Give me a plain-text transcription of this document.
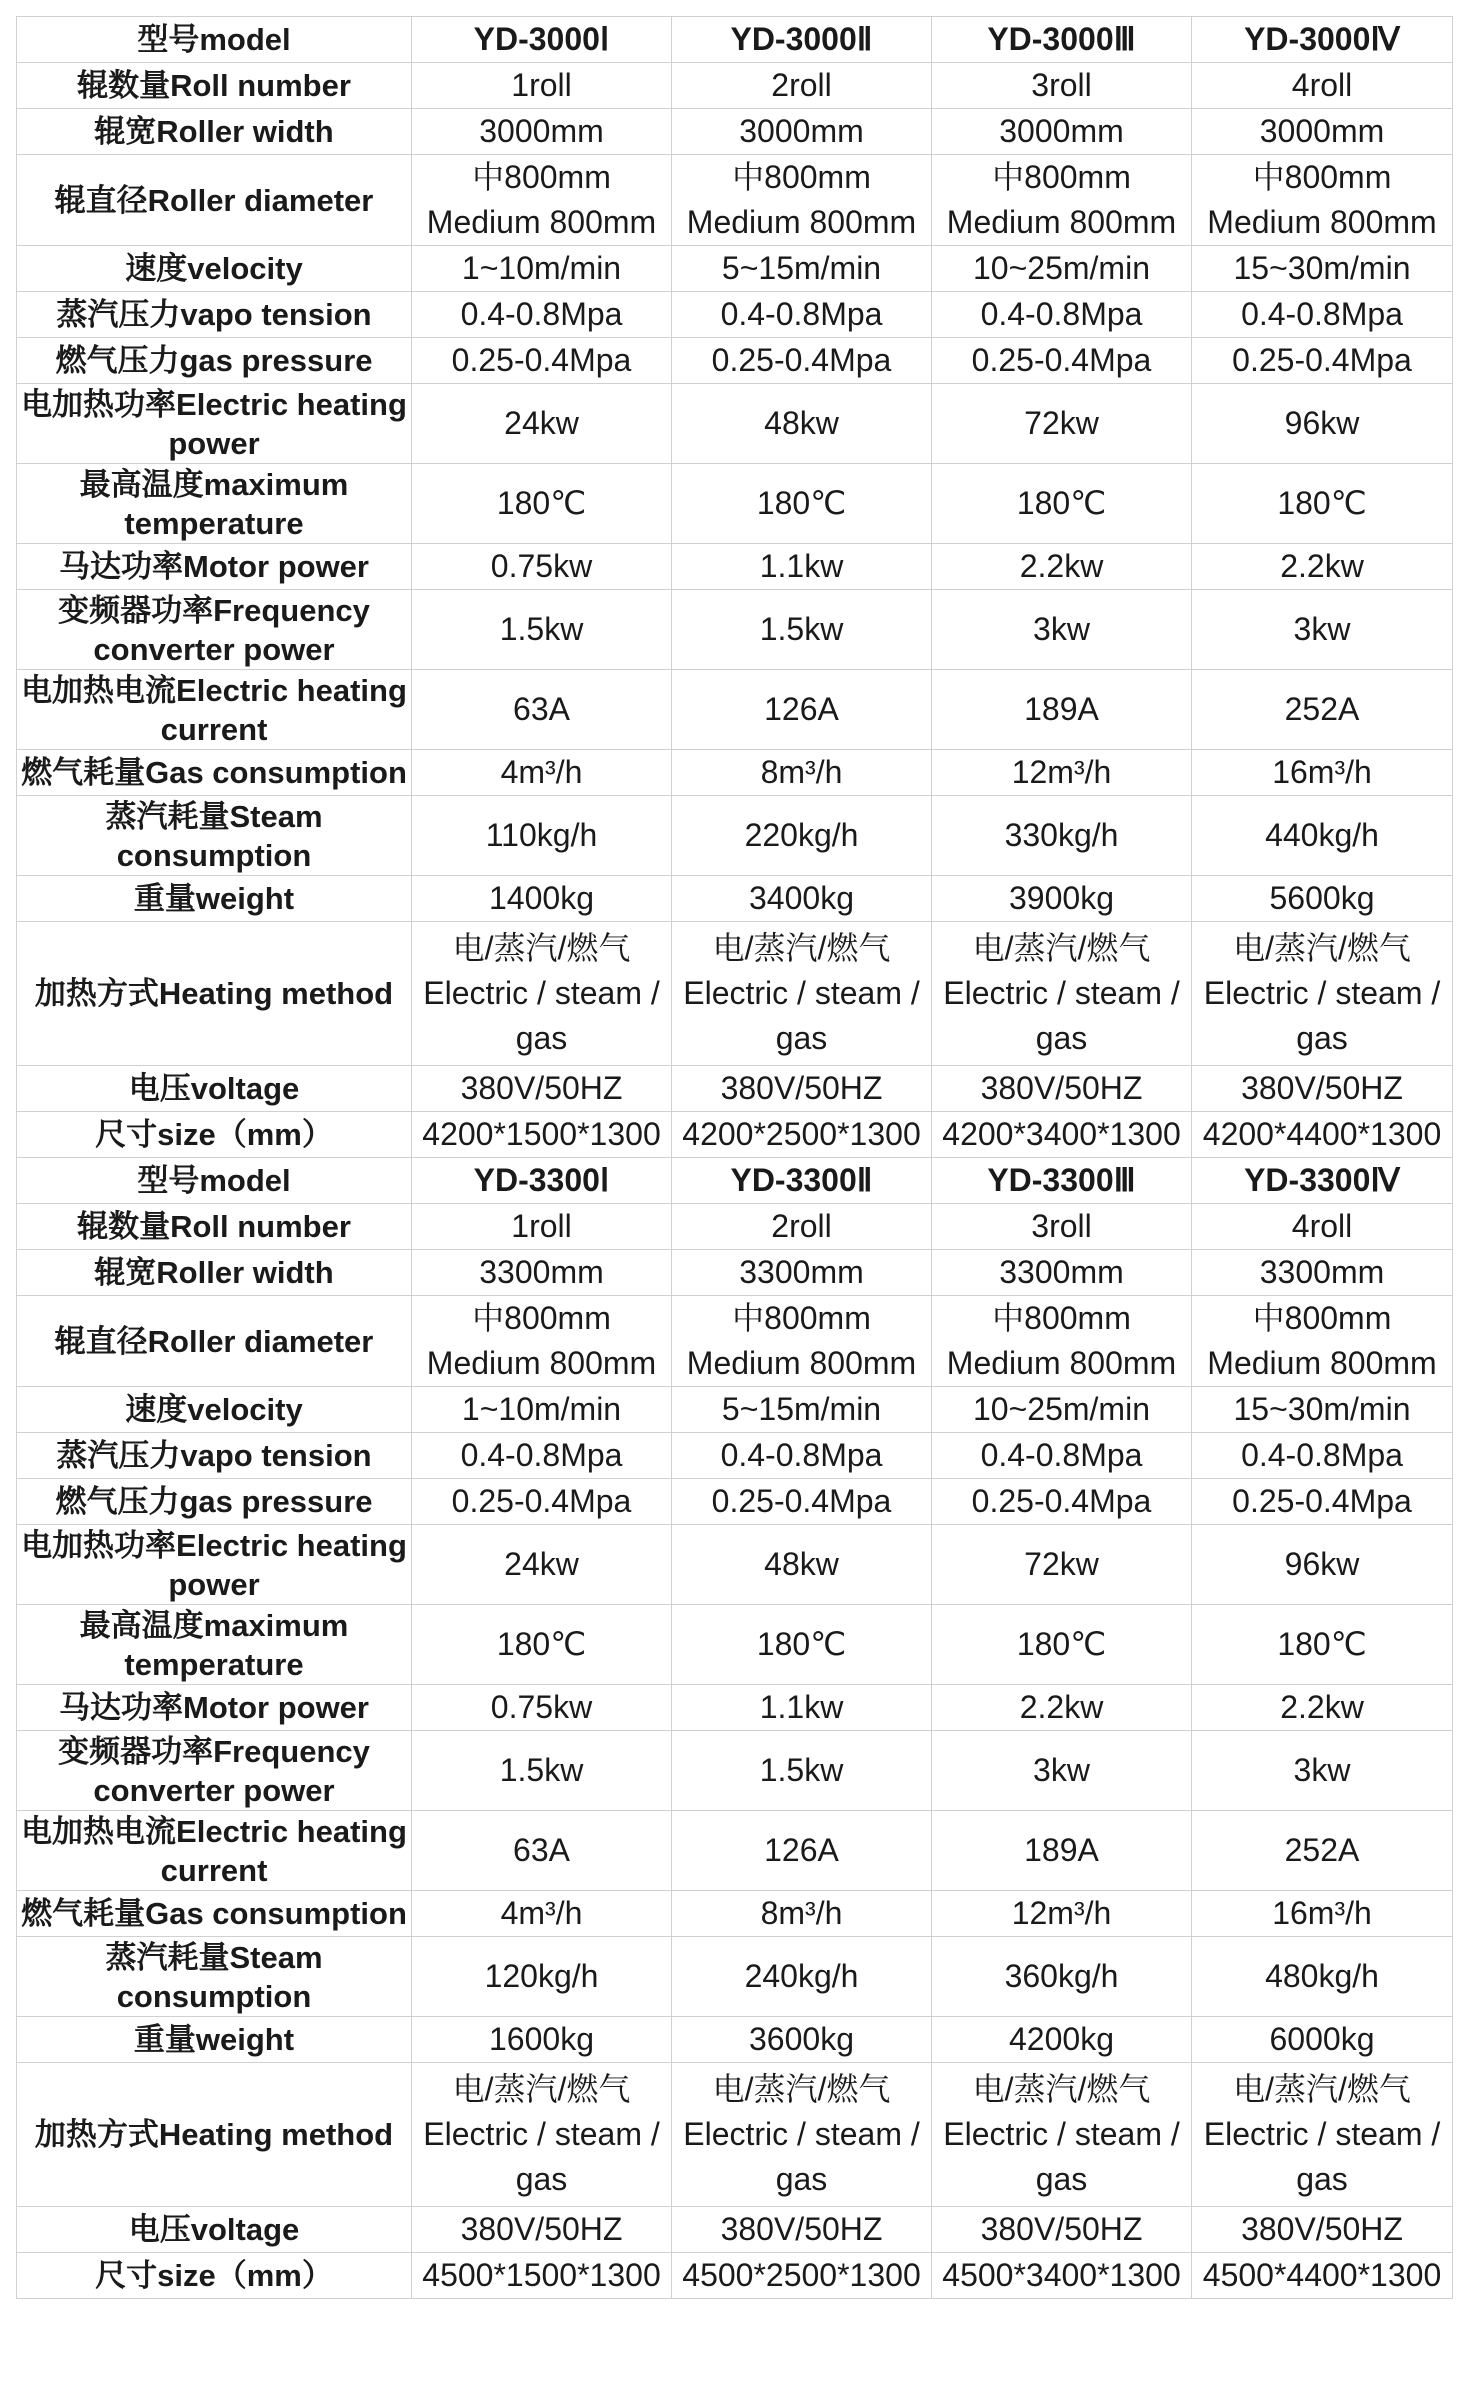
型号model	YD-3000Ⅰ	YD-3000Ⅱ	YD-3000Ⅲ	YD-3000Ⅳ
辊数量Roll number	1roll	2roll	3roll	4roll
辊宽Roller width	3000mm	3000mm	3000mm	3000mm
辊直径Roller diameter	中800mm Medium 800mm	中800mm Medium 800mm	中800mm Medium 800mm	中800mm Medium 800mm
速度velocity	1~10m/min	5~15m/min	10~25m/min	15~30m/min
蒸汽压力vapo tension	0.4-0.8Mpa	0.4-0.8Mpa	0.4-0.8Mpa	0.4-0.8Mpa
燃气压力gas pressure	0.25-0.4Mpa	0.25-0.4Mpa	0.25-0.4Mpa	0.25-0.4Mpa
电加热功率Electric heating power	24kw	48kw	72kw	96kw
最高温度maximum temperature	180℃	180℃	180℃	180℃
马达功率Motor power	0.75kw	1.1kw	2.2kw	2.2kw
变频器功率Frequency converter power	1.5kw	1.5kw	3kw	3kw
电加热电流Electric heating current	63A	126A	189A	252A
燃气耗量Gas consumption	4m³/h	8m³/h	12m³/h	16m³/h
蒸汽耗量Steam consumption	110kg/h	220kg/h	330kg/h	440kg/h
重量weight	1400kg	3400kg	3900kg	5600kg
加热方式Heating method	电/蒸汽/燃气 Electric / steam / gas	电/蒸汽/燃气 Electric / steam / gas	电/蒸汽/燃气 Electric / steam / gas	电/蒸汽/燃气 Electric / steam / gas
电压voltage	380V/50HZ	380V/50HZ	380V/50HZ	380V/50HZ
尺寸size（mm）	4200*1500*1300	4200*2500*1300	4200*3400*1300	4200*4400*1300
型号model	YD-3300Ⅰ	YD-3300Ⅱ	YD-3300Ⅲ	YD-3300Ⅳ
辊数量Roll number	1roll	2roll	3roll	4roll
辊宽Roller width	3300mm	3300mm	3300mm	3300mm
辊直径Roller diameter	中800mm Medium 800mm	中800mm Medium 800mm	中800mm Medium 800mm	中800mm Medium 800mm
速度velocity	1~10m/min	5~15m/min	10~25m/min	15~30m/min
蒸汽压力vapo tension	0.4-0.8Mpa	0.4-0.8Mpa	0.4-0.8Mpa	0.4-0.8Mpa
燃气压力gas pressure	0.25-0.4Mpa	0.25-0.4Mpa	0.25-0.4Mpa	0.25-0.4Mpa
电加热功率Electric heating power	24kw	48kw	72kw	96kw
最高温度maximum temperature	180℃	180℃	180℃	180℃
马达功率Motor power	0.75kw	1.1kw	2.2kw	2.2kw
变频器功率Frequency converter power	1.5kw	1.5kw	3kw	3kw
电加热电流Electric heating current	63A	126A	189A	252A
燃气耗量Gas consumption	4m³/h	8m³/h	12m³/h	16m³/h
蒸汽耗量Steam consumption	120kg/h	240kg/h	360kg/h	480kg/h
重量weight	1600kg	3600kg	4200kg	6000kg
加热方式Heating method	电/蒸汽/燃气 Electric / steam / gas	电/蒸汽/燃气 Electric / steam / gas	电/蒸汽/燃气 Electric / steam / gas	电/蒸汽/燃气 Electric / steam / gas
电压voltage	380V/50HZ	380V/50HZ	380V/50HZ	380V/50HZ
尺寸size（mm）	4500*1500*1300	4500*2500*1300	4500*3400*1300	4500*4400*1300
